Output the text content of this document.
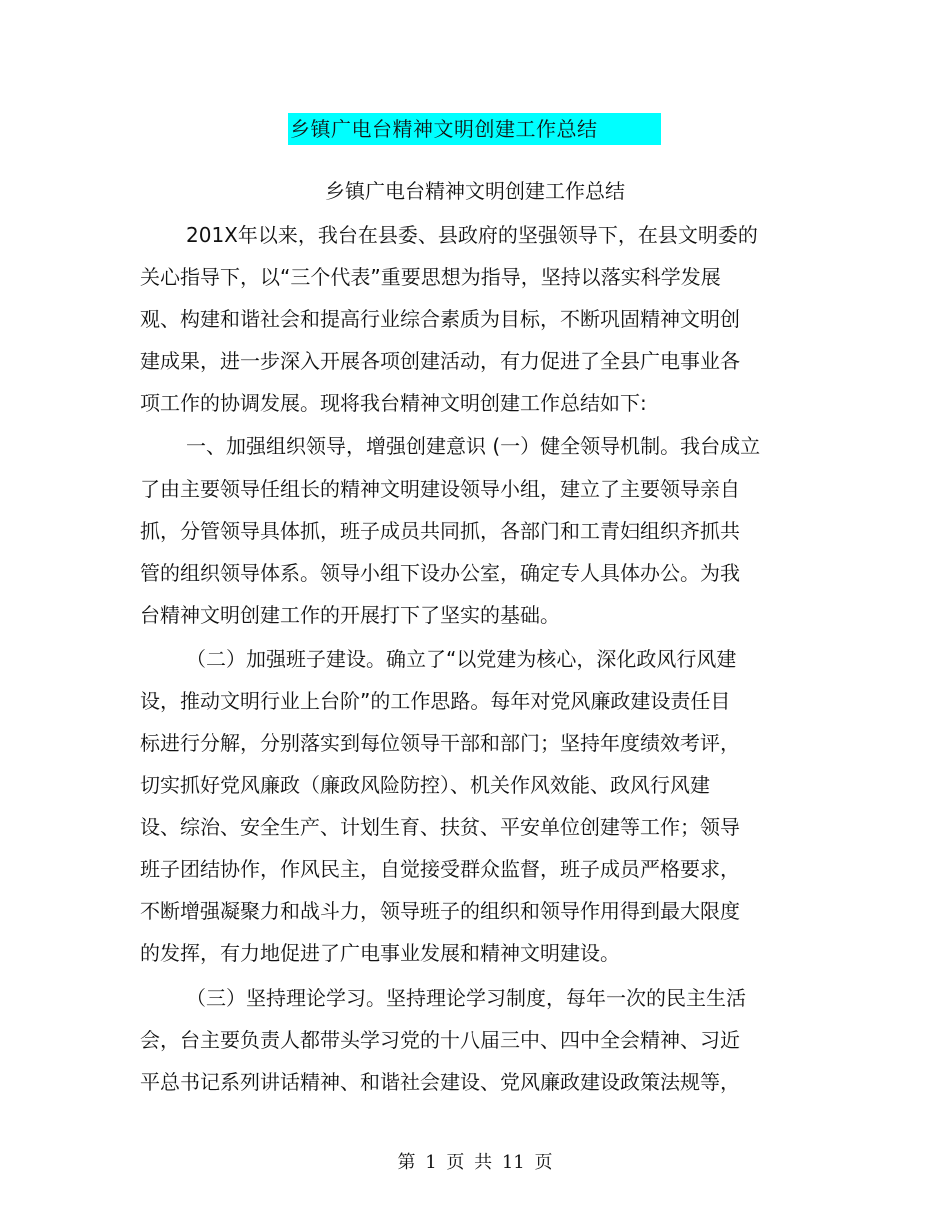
乡镇广电台精神文明创建工作总结
乡镇广电台精神文明创建工作总结
201X年以来，我台在县委、县政府的坚强领导下，在县文明委的
关心指导下，以“三个代表”重要思想为指导，坚持以落实科学发展
观、构建和谐社会和提高行业综合素质为目标，不断巩固精神文明创
建成果，进一步深入开展各项创建活动，有力促进了全县广电事业各
项工作的协调发展。现将我台精神文明创建工作总结如下:
一、加强组织领导，增强创建意识 (一）健全领导机制。我台成立
了由主要领导任组长的精神文明建设领导小组，建立了主要领导亲自
抓，分管领导具体抓，班子成员共同抓，各部门和工青妇组织齐抓共
管的组织领导体系。领导小组下设办公室，确定专人具体办公。为我
台精神文明创建工作的开展打下了坚实的基础。
（二）加强班子建设。确立了“以党建为核心，深化政风行风建
设，推动文明行业上台阶”的工作思路。每年对党风廉政建设责任目
标进行分解，分别落实到每位领导干部和部门；坚持年度绩效考评，
切实抓好党风廉政（廉政风险防控）、机关作风效能、政风行风建
设、综治、安全生产、计划生育、扶贫、平安单位创建等工作；领导
班子团结协作，作风民主，自觉接受群众监督，班子成员严格要求，
不断增强凝聚力和战斗力，领导班子的组织和领导作用得到最大限度
的发挥，有力地促进了广电事业发展和精神文明建设。
（三）坚持理论学习。坚持理论学习制度，每年一次的民主生活
会，台主要负责人都带头学习党的十八届三中、四中全会精神、习近
平总书记系列讲话精神、和谐社会建设、党风廉政建设政策法规等，
第 1 页 共 11 页
